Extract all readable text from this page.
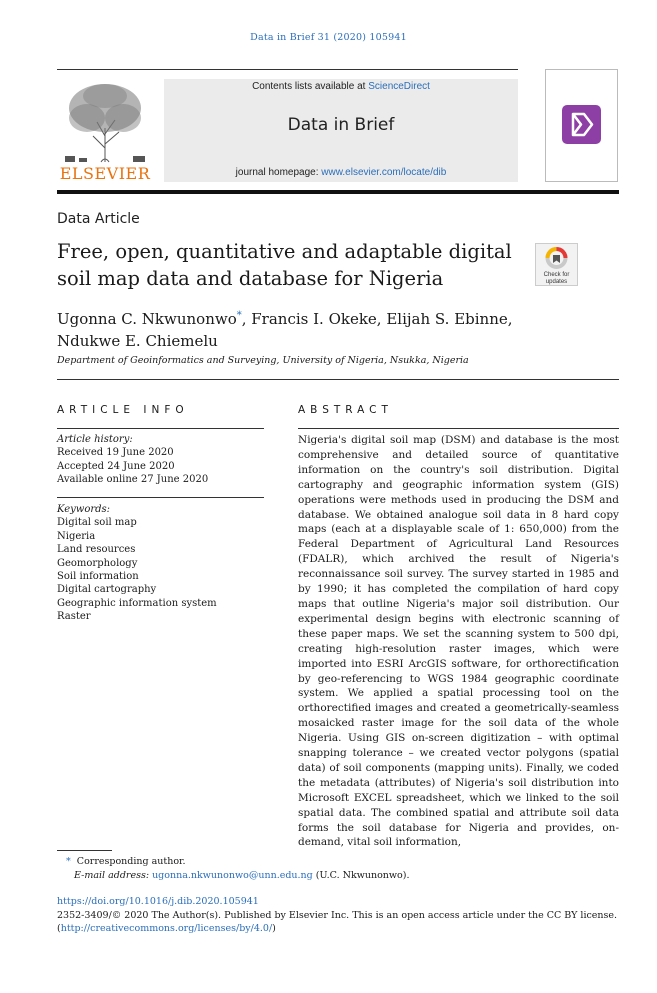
Data in Brief 31 (2020) 105941
ELSEVIER
Contents lists available at ScienceDirect
Data in Brief
journal homepage: www.elsevier.com/locate/dib
Data Article
Free, open, quantitative and adaptable digital
soil map data and database for Nigeria	Check for
updates
Ugonna C. Nkwunonwo*, Francis I. Okeke, Elijah S. Ebinne,
Ndukwe E. Chiemelu
Department of Geoinformatics and Surveying, University of Nigeria, Nsukka, Nigeria
ARTICLE INFO
Article history:
Received 19 June 2020
Accepted 24 June 2020
Available online 27 June 2020
Keywords:
Digital soil map
Nigeria
Land resources
Geomorphology
Soil information
Digital cartography
Geographic information system
Raster
ABSTRACT
Nigeria's digital soil map (DSM) and database is the most comprehensive and detailed source of quantitative information on the country's soil distribution. Digital cartography and geographic information system (GIS) operations were methods used in producing the DSM and database. We obtained analogue soil data in 8 hard copy maps (each at a displayable scale of 1: 650,000) from the Federal Department of Agricultural Land Resources (FDALR), which archived the result of Nigeria's reconnaissance soil survey. The survey started in 1985 and by 1990; it has completed the compilation of hard copy maps that outline Nigeria's major soil distribution. Our experimental design begins with electronic scanning of these paper maps. We set the scanning system to 500 dpi, creating high-resolution raster images, which were imported into ESRI ArcGIS software, for orthorectification by geo-referencing to WGS 1984 geographic coordinate system. We applied a spatial processing tool on the orthorectified images and created a geometrically-seamless mosaicked raster image for the soil data of the whole Nigeria. Using GIS on-screen digitization – with optimal snapping tolerance – we created vector polygons (spatial data) of soil components (mapping units). Finally, we coded the metadata (attributes) of Nigeria's soil distribution into Microsoft EXCEL spreadsheet, which we linked to the soil spatial data. The combined spatial and attribute soil data forms the soil database for Nigeria and provides, on-demand, vital soil information,
* Corresponding author.
E-mail address: ugonna.nkwunonwo@unn.edu.ng (U.C. Nkwunonwo).
https://doi.org/10.1016/j.dib.2020.105941
2352-3409/© 2020 The Author(s). Published by Elsevier Inc. This is an open access article under the CC BY license.
(http://creativecommons.org/licenses/by/4.0/)
